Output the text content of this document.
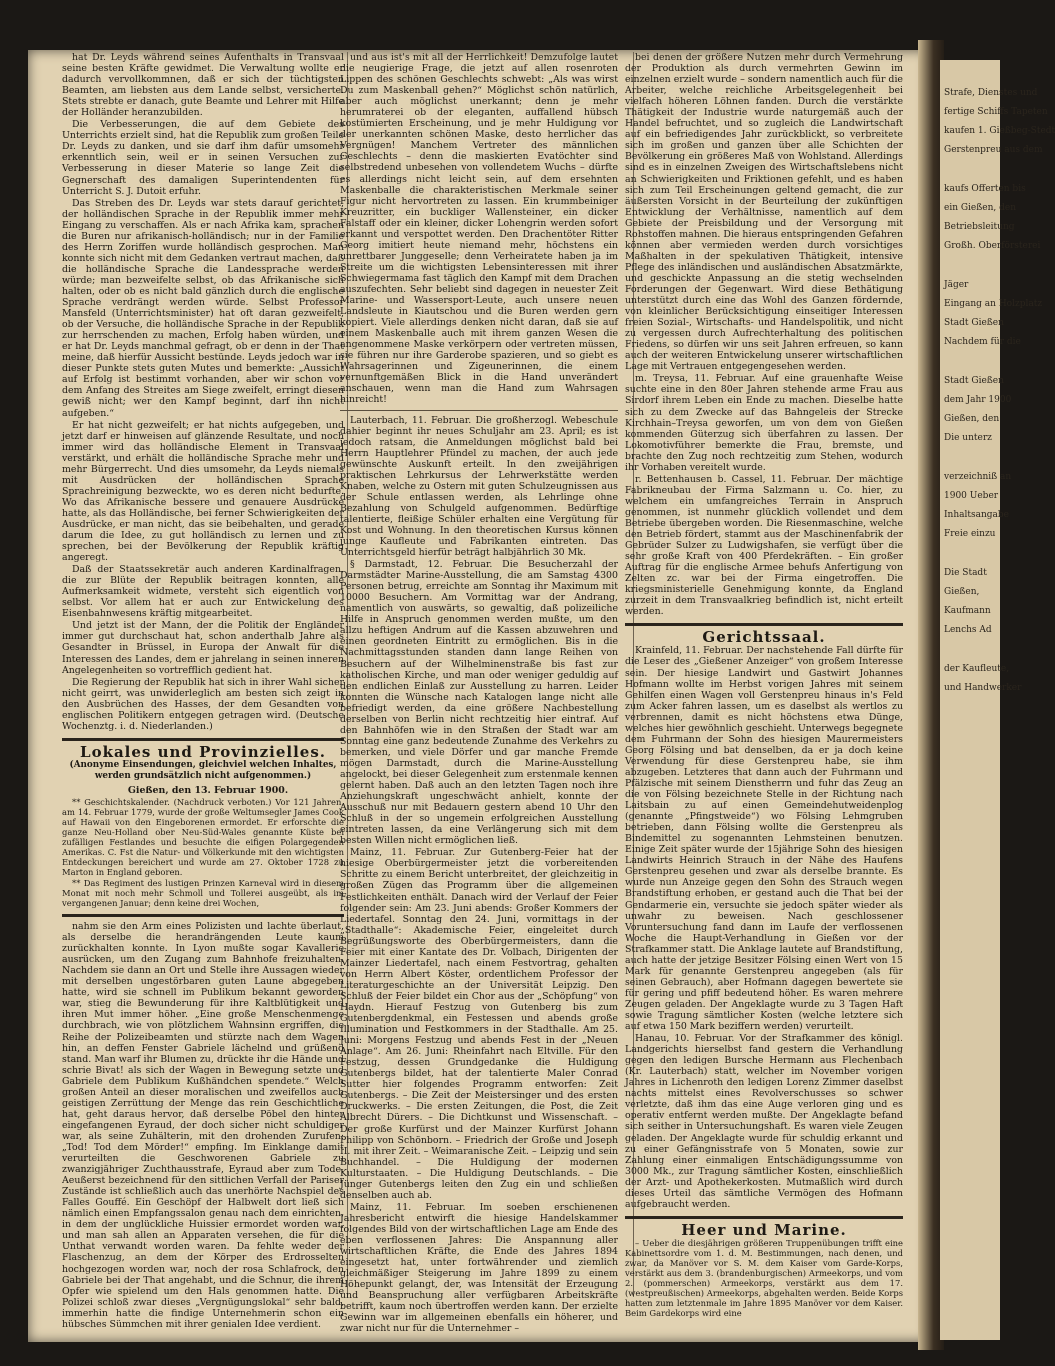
Strafe, Dienstes und
fertige Schiffs Tapeten
kaufen 1. Gießbeg-Stedt
Gerstenpreu aus dem
kaufs Offerten bis
ein Gießen, den
Betriebsleitung
Großh. Oberförsterei
Jäger
Eingang an Holzplatz
Stadt Gießen
Nachdem für die
Stadt Gießen
dem Jahr 1900
Gießen, den
Die unterz
verzeichniß an
1900 Ueber
Inhaltsangabe
Freie einzu
Die Stadt
Gießen,
Kaufmann
Lenchs Ad
der Kaufleute,
und Handwerker

hat Dr. Leyds während seines Aufenthalts in Transvaal seine besten Kräfte gewidmet. Die Verwaltung wollte er dadurch vervollkommnen, daß er sich der tüchtigsten Beamten, am liebsten aus dem Lande selbst, versicherte. Stets strebte er danach, gute Beamte und Lehrer mit Hilfe der Holländer heranzubilden.

Die Verbesserungen, die auf dem Gebiete des Unterrichts erzielt sind, hat die Republik zum großen Teile Dr. Leyds zu danken, und sie darf ihm dafür umsomehr erkenntlich sein, weil er in seinen Versuchen zur Verbesserung in dieser Materie so lange Zeit die Gegnerschaft des damaligen Superintendenten für Unterricht S. J. Dutoit erfuhr.

Das Streben des Dr. Leyds war stets darauf gerichtet, der holländischen Sprache in der Republik immer mehr Eingang zu verschaffen. Als er nach Afrika kam, sprachen die Buren nur afrikanisch-holländisch; nur in der Familie des Herrn Zoriffen wurde holländisch gesprochen. Man konnte sich nicht mit dem Gedanken vertraut machen, daß die holländische Sprache die Landessprache werden würde; man bezweifelte selbst, ob das Afrikanische sich halten, oder ob es nicht bald gänzlich durch die englische Sprache verdrängt werden würde. Selbst Professor Mansfeld (Unterrichtsminister) hat oft daran gezweifelt, ob der Versuche, die holländische Sprache in der Republik zur herrschenden zu machen, Erfolg haben würden, und er hat Dr. Leyds manchmal gefragt, ob er denn in der That meine, daß hierfür Aussicht bestünde. Leyds jedoch war in dieser Punkte stets guten Mutes und bemerkte: „Aussicht auf Erfolg ist bestimmt vorhanden, aber wir schon vor dem Anfang des Streites am Siege zweifelt, erringt diesen gewiß nicht; wer den Kampf beginnt, darf ihn nicht aufgeben.“

Er hat nicht gezweifelt; er hat nichts aufgegeben, und jetzt darf er hinweisen auf glänzende Resultate, und noch immer wird das holländische Element in Transvaal verstärkt, und erhält die holländische Sprache mehr und mehr Bürgerrecht. Und dies umsomehr, da Leyds niemals mit Ausdrücken der holländischen Sprache Sprachreinigung bezweckte, wo es deren nicht bedurfte. Wo das Afrikanische bessere und genauere Ausdrücke hatte, als das Holländische, bei ferner Schwierigkeiten der Ausdrücke, er man nicht, das sie beibehalten, und gerade darum die Idee, zu gut holländisch zu lernen und zu sprechen, bei der Bevölkerung der Republik kräftig angeregt.

Daß der Staatssekretär auch anderen Kardinalfragen, die zur Blüte der Republik beitragen konnten, alle Aufmerksamkeit widmete, versteht sich eigentlich von selbst. Vor allem hat er auch zur Entwickelung des Eisenbahnwesens kräftig mitgearbeitet.

Und jetzt ist der Mann, der die Politik der Engländer immer gut durchschaut hat, schon anderthalb Jahre als Gesandter in Brüssel, in Europa der Anwalt für die Interessen des Landes, dem er jahrelang in seinen inneren Angelegenheiten so vortrefflich gedient hat.

Die Regierung der Republik hat sich in ihrer Wahl sicher nicht geirrt, was unwiderleglich am besten sich zeigt in den Ausbrüchen des Hasses, der dem Gesandten von englischen Politikern entgegen getragen wird. (Deutsche Wochenztg. i. d. Niederlanden.)

Lokales und Provinzielles.
(Anonyme Einsendungen, gleichviel welchen Inhaltes, werden grundsätzlich nicht aufgenommen.)

Gießen, den 13. Februar 1900.

** Geschichtskalender. (Nachdruck verboten.) Vor 121 Jahren, am 14. Februar 1779, wurde der große Weltumsegler James Cook auf Hawaii von den Eingeborenen ermordet. Er erforschte die ganze Neu-Holland ober Neu-Süd-Wales genannte Küste bei zufälligen Festlandes und besuchte die eifigen Polargegenden Amerikas. C. Fst die Natur- und Völkerkunde mit den wichtigsten Entdeckungen bereichert und wurde am 27. Oktober 1728 zu Marton in England geboren.

** Das Regiment des lustigen Prinzen Karneval wird in diesem Monat mit noch mehr Schmoll und Tollerei ausgeübt, als im vergangenen Januar; denn keine drei Wochen,

nahm sie den Arm eines Polizisten und lachte überlaut, als derselbe die herandrängenden Leute kaum zurückhalten konnte. In Lyon mußte sogar Kavallerie ausrücken, um den Zugang zum Bahnhofe freizuhalten. Nachdem sie dann an Ort und Stelle ihre Aussagen wieder mit derselben ungestörbaren guten Laune abgegeben hatte, wird sie schnell im Publikum bekannt geworden war, stieg die Bewunderung für ihre Kaltblütigkeit und ihren Mut immer höher. „Eine große Menschenmenge durchbrach, wie von plötzlichem Wahnsinn ergriffen, die Reihe der Polizeibeamten und stürzte nach dem Wagen hin, an deffen Fenster Gabriele lächelnd und grüßend stand. Man warf ihr Blumen zu, drückte ihr die Hände und schrie Bivat! als sich der Wagen in Bewegung setzte und Gabriele dem Publikum Kußhändchen spendete.“ Welch großen Anteil an dieser moralischen und zweifellos auch geistigen Zerrüttung der Menge das rein Geschichtliche hat, geht daraus hervor, daß derselbe Pöbel den hinter eingefangenen Eyraud, der doch sicher nicht schuldiger war, als seine Zuhälterin, mit den drohenden Zurufen: „Tod! Tod dem Mörder!“ empfing. Im Einklange damit verurteilten die Geschworenen Gabriele zu zwanzigjähriger Zuchthausstrafe, Eyraud aber zum Tode. Aeußerst bezeichnend für den sittlichen Verfall der Pariser Zustände ist schließlich auch das unerhörte Nachspiel des Falles Gouffé. Ein Geschöpf der Halbwelt dort ließ sich nämlich einen Empfangssalon genau nach dem einrichten, in dem der unglückliche Huissier ermordet worden war, und man sah allen an Apparaten versehen, die für die Unthat verwandt worden waren. Da fehlte weder der Flaschenzug, an dem der Körper des Erdrosselten hochgezogen worden war, noch der rosa Schlafrock, den Gabriele bei der That angehabt, und die Schnur, die ihrem Opfer wie spielend um den Hals genommen hatte. Die Polizei schloß zwar dieses „Vergnügungslokal“ sehr bald, immerhin hatte die findige Unternehmerin schon ein hübsches Sümmchen mit ihrer genialen Idee verdient.

und aus ist's mit all der Herrlichkeit! Demzufolge lautet die neugierige Frage, die jetzt auf allen rosenroten Lippen des schönen Geschlechts schwebt: „Als was wirst Du zum Maskenball gehen?“ Möglichst schön natürlich, aber auch möglichst unerkannt; denn je mehr herumraterei ob der eleganten, auffallend hübsch kostümierten Erscheinung, und je mehr Huldigung vor der unerkannten schönen Maske, desto herrlicher das Vergnügen! Manchem Vertreter des männlichen Geschlechts – denn die maskierten Evatöchter sind selbstredend unbesehen von vollendetem Wuchs – dürfte es allerdings nicht leicht sein, auf dem ersehnten Maskenballe die charakteristischen Merkmale seiner Figur nicht hervortreten zu lassen. Ein krummbeiniger Kreuzritter, ein buckliger Wallensteiner, ein dicker Falstaff oder ein kleiner, dicker Lohengrin werden sofort erkannt und verspottet werden. Den Drachentöter Ritter Georg imitiert heute niemand mehr, höchstens ein unrettbarer Junggeselle; denn Verheiratete haben ja im Streite um die wichtigsten Lebensinteressen mit ihrer Schwiegermama fast täglich den Kampf mit dem Drachen auszufechten. Sehr beliebt sind dagegen in neuester Zeit Marine- und Wassersport-Leute, auch unsere neuen Landsleute in Kiautschou und die Buren werden gern kopiert. Viele allerdings denken nicht daran, daß sie auf einem Maskenballe auch mit ihrem ganzen Wesen die angenommene Maske verkörpern oder vertreten müssen, sie führen nur ihre Garderobe spazieren, und so giebt es Wahrsagerinnen und Zigeunerinnen, die einem vernunftgemäßen Blick in die Hand unverändert anschauen, wenn man die Hand zum Wahrsagen hinreicht!

Lauterbach, 11. Februar. Die großherzogl. Webeschule dahier beginnt ihr neues Schuljahr am 23. April; es ist jedoch ratsam, die Anmeldungen möglichst bald bei Herrn Hauptlehrer Pfündel zu machen, der auch jede gewünschte Auskunft erteilt. In den zweijährigen praktischen Lehrkursus der Lehrwerkstätte werden Knaben, welche zu Ostern mit guten Schulzeugnissen aus der Schule entlassen werden, als Lehrlinge ohne Bezahlung von Schulgeld aufgenommen. Bedürftige talentierte, fleißige Schüler erhalten eine Vergütung für Kost und Wohnung. In den theoretischen Kursus können junge Kaufleute und Fabrikanten eintreten. Das Unterrichtsgeld hierfür beträgt halbjährlich 30 Mk.

§ Darmstadt, 12. Februar. Die Besucherzahl der Darmstädter Marine-Ausstellung, die am Samstag 4300 Personen betrug, erreichte am Sonntag ihr Maximum mit 10000 Besuchern. Am Vormittag war der Andrang, namentlich von auswärts, so gewaltig, daß polizeiliche Hilfe in Anspruch genommen werden mußte, um den allzu heftigen Andrum auf die Kassen abzuwehren und einen geordneten Eintritt zu ermöglichen. Bis in die Nachmittagsstunden standen dann lange Reihen von Besuchern auf der Wilhelminenstraße bis fast zur katholischen Kirche, und man oder weniger geduldig auf den endlichen Einlaß zur Ausstellung zu harren. Leider konnten die Wünsche nach Katalogen lange nicht alle befriedigt werden, da eine größere Nachbestellung derselben von Berlin nicht rechtzeitig hier eintraf. Auf den Bahnhöfen wie in den Straßen der Stadt war am Sonntag eine ganz bedeutende Zunahme des Verkehrs zu bemerken, und viele Dörfer und gar manche Fremde mögen Darmstadt, durch die Marine-Ausstellung angelockt, bei dieser Gelegenheit zum erstenmale kennen gelernt haben. Daß auch an den letzten Tagen noch ihre Anziehungskraft ungeschwächt anhielt, konnte der Ausschuß nur mit Bedauern gestern abend 10 Uhr den Schluß in der so ungemein erfolgreichen Ausstellung eintreten lassen, da eine Verlängerung sich mit dem besten Willen nicht ermöglichen ließ.

Mainz, 11. Februar. Zur Gutenberg-Feier hat der hiesige Oberbürgermeister jetzt die vorbereitenden Schritte zu einem Bericht unterbreitet, der gleichzeitig in großen Zügen das Programm über die allgemeinen Festlichkeiten enthält. Danach wird der Verlauf der Feier folgender sein: Am 23. Juni abends: Großer Kommers der Liedertafel. Sonntag den 24. Juni, vormittags in der „Stadthalle“: Akademische Feier, eingeleitet durch Begrüßungsworte des Oberbürgermeisters, dann die Feier mit einer Kantate des Dr. Volbach, Dirigenten der Mainzer Liedertafel, nach einem Festvortrag, gehalten von Herrn Albert Köster, ordentlichem Professor der Literaturgeschichte an der Universität Leipzig. Den Schluß der Feier bildet ein Chor aus der „Schöpfung“ von Haydn. Hierauf Festzug von Gutenberg bis zum Gutenbergdenkmal, ein Festessen und abends große Illumination und Festkommers in der Stadthalle. Am 25. Juni: Morgens Festzug und abends Fest in der „Neuen Anlage“. Am 26. Juni: Rheinfahrt nach Eltville. Für den Festzug, dessen Grundgedanke die Huldigung Gutenbergs bildet, hat der talentierte Maler Conrad Sutter hier folgendes Programm entworfen: Zeit Gutenbergs. – Die Zeit der Meistersinger und des ersten Druckwerks. – Die ersten Zeitungen, die Post, die Zeit Albrecht Dürers. – Die Dichtkunst und Wissenschaft. – Der große Kurfürst und der Mainzer Kurfürst Johann Philipp von Schönborn. – Friedrich der Große und Joseph II. mit ihrer Zeit. – Weimaranische Zeit. – Leipzig und sein Buchhandel. – Die Huldigung der modernen Kulturstaaten. – Die Huldigung Deutschlands. – Die Jünger Gutenbergs leiten den Zug ein und schließen denselben auch ab.

Mainz, 11. Februar. Im soeben erschienenen Jahresbericht entwirft die hiesige Handelskammer folgendes Bild von der wirtschaftlichen Lage am Ende des eben verflossenen Jahres: Die Anspannung aller wirtschaftlichen Kräfte, die Ende des Jahres 1894 eingesetzt hat, unter fortwährender und ziemlich gleichmäßiger Steigerung im Jahre 1899 zu einem Höhepunkt gelangt, der, was Intensität der Erzeugung und Beanspruchung aller verfügbaren Arbeitskräfte betrifft, kaum noch übertroffen werden kann. Der erzielte Gewinn war im allgemeinen ebenfalls ein höherer, und zwar nicht nur für die Unternehmer –

bei denen der größere Nutzen mehr durch Vermehrung der Produktion als durch vermehrten Gewinn im einzelnen erzielt wurde – sondern namentlich auch für die Arbeiter, welche reichliche Arbeitsgelegenheit bei vielfach höheren Löhnen fanden. Durch die verstärkte Thätigkeit der Industrie wurde naturgemäß auch der Handel befruchtet, und so zugleich die Landwirtschaft auf ein befriedigendes Jahr zurückblickt, so verbreitete sich im großen und ganzen über alle Schichten der Bevölkerung ein größeres Maß von Wohlstand. Allerdings sind es in einzelnen Zweigen des Wirtschaftslebens nicht an Schwierigkeiten und Friktionen gefehlt, und es haben sich zum Teil Erscheinungen geltend gemacht, die zur äußersten Vorsicht in der Beurteilung der zukünftigen Entwicklung der Verhältnisse, namentlich auf dem Gebiete der Preisbildung und der Versorgung mit Rohstoffen mahnen. Die hieraus entspringenden Gefahren können aber vermieden werden durch vorsichtiges Maßhalten in der spekulativen Thätigkeit, intensive Pflege des inländischen und ausländischen Absatzmärkte, und geschickte Anpassung an die stetig wechselnden Forderungen der Gegenwart. Wird diese Bethätigung unterstützt durch eine das Wohl des Ganzen fördernde, von kleinlicher Berücksichtigung einseitiger Interessen freien Sozial-, Wirtschafts- und Handelspolitik, und nicht zu vergessen durch Aufrechterhaltung des politischen Friedens, so dürfen wir uns seit Jahren erfreuen, so kann auch der weiteren Entwickelung unserer wirtschaftlichen Lage mit Vertrauen entgegengesehen werden.

m. Treysa, 11. Februar. Auf eine grauenhafte Weise suchte eine in den 80er Jahren stehende arme Frau aus Sirdorf ihrem Leben ein Ende zu machen. Dieselbe hatte sich zu dem Zwecke auf das Bahngeleis der Strecke Kirchhain–Treysa geworfen, um von dem von Gießen kommenden Güterzug sich überfahren zu lassen. Der Lokomotivführer bemerkte die Frau, bremste, und brachte den Zug noch rechtzeitig zum Stehen, wodurch ihr Vorhaben vereitelt wurde.

r. Bettenhausen b. Cassel, 11. Februar. Der mächtige Fabrikneubau der Firma Salzmann u. Co. hier, zu welchem ein umfangreiches Terrain in Anspruch genommen, ist nunmehr glücklich vollendet und dem Betriebe übergeben worden. Die Riesenmaschine, welche den Betrieb fördert, stammt aus der Maschinenfabrik der Gebrüder Sulzer zu Ludwigshafen, sie verfügt über die sehr große Kraft von 400 Pferdekräften. – Ein großer Auftrag für die englische Armee behufs Anfertigung von Zelten zc. war bei der Firma eingetroffen. Die kriegsministerielle Genehmigung konnte, da England zurzeit in dem Transvaalkrieg befindlich ist, nicht erteilt werden.

Gerichtssaal.

Krainfeld, 11. Februar. Der nachstehende Fall dürfte für die Leser des „Gießener Anzeiger“ von großem Interesse sein. Der hiesige Landwirt und Gastwirt Johannes Hofmann wollte im Herbst vorigen Jahres mit seinem Gehilfen einen Wagen voll Gerstenpreu hinaus in's Feld zum Acker fahren lassen, um es daselbst als wertlos zu verbrennen, damit es nicht höchstens etwa Dünge, welches hier gewöhnlich geschieht. Unterwegs begegnete dem Fuhrmann der Sohn des hiesigen Maurermeisters Georg Fölsing und bat denselben, da er ja doch keine Verwendung für diese Gerstenpreu habe, sie ihm abzugeben. Letzteres that dann auch der Fuhrmann und Pfälzische mit seinem Dienstherrn und fuhr das Zeug an die von Fölsing bezeichnete Stelle in der Richtung nach Laitsbain zu auf einen Gemeindehutweidenplog (genannte „Pfingstweide“) wo Fölsing Lehmgruben betrieben, dann Fölsing wollte die Gerstenpreu als Bindemittel zu sogenannten Lehmsteinen benutzen. Einige Zeit später wurde der 15jährige Sohn des hiesigen Landwirts Heinrich Strauch in der Nähe des Haufens Gerstenpreu gesehen und zwar als derselbe brannte. Es wurde nun Anzeige gegen den Sohn des Strauch wegen Brandstiftung erhoben, er gestand auch die That bei der Gendarmerie ein, versuchte sie jedoch später wieder als unwahr zu beweisen. Nach geschlossener Voruntersuchung fand dann im Laufe der verflossenen Woche die Haupt-Verhandlung in Gießen vor der Strafkammer statt. Die Anklage lautete auf Brandstiftung, auch hatte der jetzige Besitzer Fölsing einen Wert von 15 Mark für genannte Gerstenpreu angegeben (als für seinen Gebrauch), aber Hofmann dagegen bewertete sie für gering und pfiff bedeutend höher. Es waren mehrere Zeugen geladen. Der Angeklagte wurde zu 3 Tagen Haft sowie Tragung sämtlicher Kosten (welche letztere sich auf etwa 150 Mark beziffern werden) verurteilt.

Hanau, 10. Februar. Vor der Strafkammer des königl. Landgerichts hierselbst fand gestern die Verhandlung gegen den ledigen Bursche Hermann aus Flechenbach (Kr. Lauterbach) statt, welcher im November vorigen Jahres in Lichenroth den ledigen Lorenz Zimmer daselbst nachts mittelst eines Revolverschusses so schwer verletzte, daß ihm das eine Auge verloren ging und es operativ entfernt werden mußte. Der Angeklagte befand sich seither in Untersuchungshaft. Es waren viele Zeugen geladen. Der Angeklagte wurde für schuldig erkannt und zu einer Gefängnisstrafe von 5 Monaten, sowie zur Zahlung einer einmaligen Entschädigungssumme von 3000 Mk., zur Tragung sämtlicher Kosten, einschließlich der Arzt- und Apothekerkosten. Mutmaßlich wird durch dieses Urteil das sämtliche Vermögen des Hofmann aufgebraucht werden.

Heer und Marine.

– Ueber die diesjährigen größeren Truppenübungen trifft eine Kabinettsordre vom 1. d. M. Bestimmungen, nach denen, und zwar, da Manöver vor S. M. dem Kaiser vom Garde-Korps, verstärkt aus dem 3. (brandenburgischen) Armeekorps, und vom 2. (pommerschen) Armeekorps, verstärkt aus dem 17. (westpreußischen) Armeekorps, abgehalten werden. Beide Korps hatten zum letztenmale im Jahre 1895 Manöver vor dem Kaiser. Beim Gardekorps wird eine
